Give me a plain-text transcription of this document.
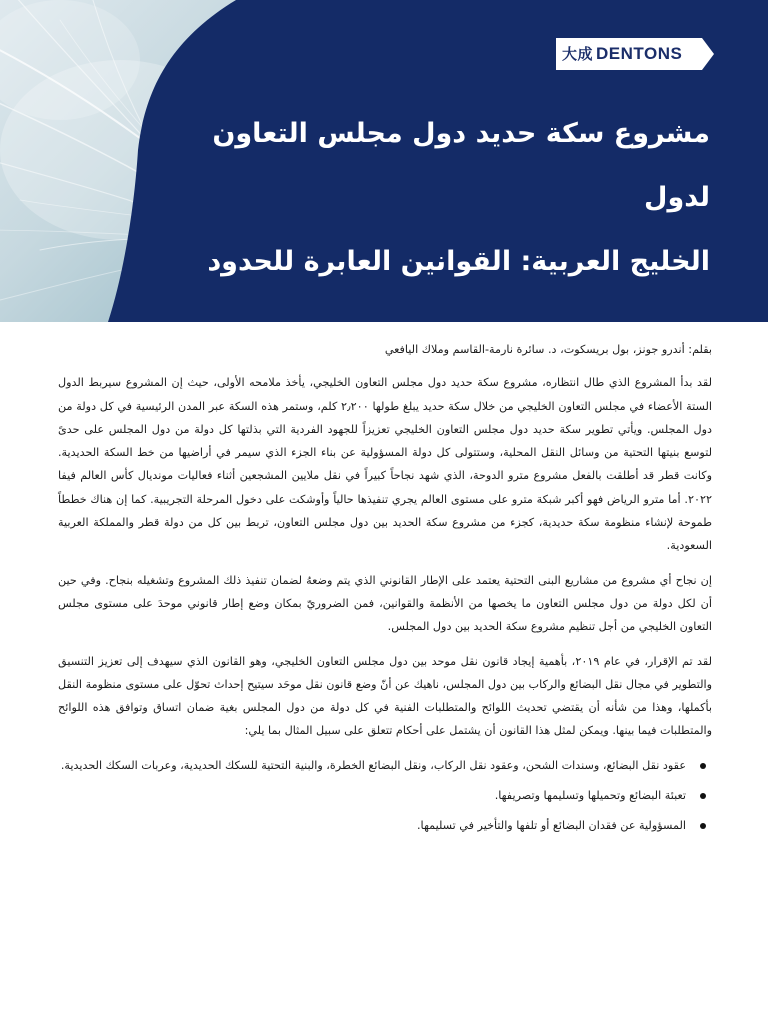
大成 DENTONS
مشروع سكة حديد دول مجلس التعاون لدول
الخليج العربية: القوانين العابرة للحدود

بقلم: أندرو جونز، بول بريسكوت، د. سائرة نارمة-القاسم وملاك اليافعي

لقد بدأ المشروع الذي طال انتظاره، مشروع سكة حديد دول مجلس التعاون الخليجي، يأخذ ملامحه الأولى، حيث إن المشروع سيربط الدول الستة الأعضاء في مجلس التعاون الخليجي من خلال سكة حديد يبلغ طولها ٢٫٢٠٠ كلم، وستمر هذه السكة عبر المدن الرئيسية في كل دولة من دول المجلس. ويأتي تطوير سكة حديد دول مجلس التعاون الخليجي تعزيزاً للجهود الفردية التي بذلتها كل دولة من دول المجلس على حدىً لتوسع بنيتها التحتية من وسائل النقل المحلية، وستتولى كل دولة المسؤولية عن بناء الجزء الذي سيمر في أراضيها من خط السكة الحديدية. وكانت قطر قد أطلقت بالفعل مشروع مترو الدوحة، الذي شهد نجاحاً كبيراً في نقل ملايين المشجعين أثناء فعاليات مونديال كأس العالم فيفا ٢٠٢٢. أما مترو الرياض فهو أكبر شبكة مترو على مستوى العالم يجري تنفيذها حالياً وأوشكت على دخول المرحلة التجريبية. كما إن هناك خططاً طموحة لإنشاء منظومة سكة حديدية، كجزء من مشروع سكة الحديد بين دول مجلس التعاون، تربط بين كل من دولة قطر والمملكة العربية السعودية.

إن نجاح أي مشروع من مشاريع البنى التحتية يعتمد على الإطار القانوني الذي يتم وضعهُ لضمان تنفيذ ذلك المشروع وتشغيله بنجاح. وفي حين أن لكل دولة من دول مجلس التعاون ما يخصها من الأنظمة والقوانين، فمن الضروريّ بمكان وضع إطار قانوني موحدَ على مستوى مجلس التعاون الخليجي من أجل تنظيم مشروع سكة الحديد بين دول المجلس.

لقد تم الإقرار، في عام ٢٠١٩، بأهمية إيجاد قانون نقل موحد بين دول مجلس التعاون الخليجي، وهو القانون الذي سيهدف إلى تعزيز التنسيق والتطوير في مجال نقل البضائع والركاب بين دول المجلس، ناهيك عن أنّ وضع قانون نقل موحَد سيتيح إحداث تحوّل على مستوى منظومة النقل بأكملها، وهذا من شأنه أن يقتضي تحديث اللوائح والمتطلبات الفنية في كل دولة من دول المجلس بغية ضمان اتساق وتوافق هذه اللوائح والمتطلبات فيما بينها. ويمكن لمثل هذا القانون أن يشتمل على أحكام تتعلق على سبيل المثال بما يلي:

عقود نقل البضائع، وسندات الشحن، وعقود نقل الركاب، ونقل البضائع الخطرة، والبنية التحتية للسكك الحديدية، وعربات السكك الحديدية.
تعبئة البضائع وتحميلها وتسليمها وتصريفها.
المسؤولية عن فقدان البضائع أو تلفها والتأخير في تسليمها.
